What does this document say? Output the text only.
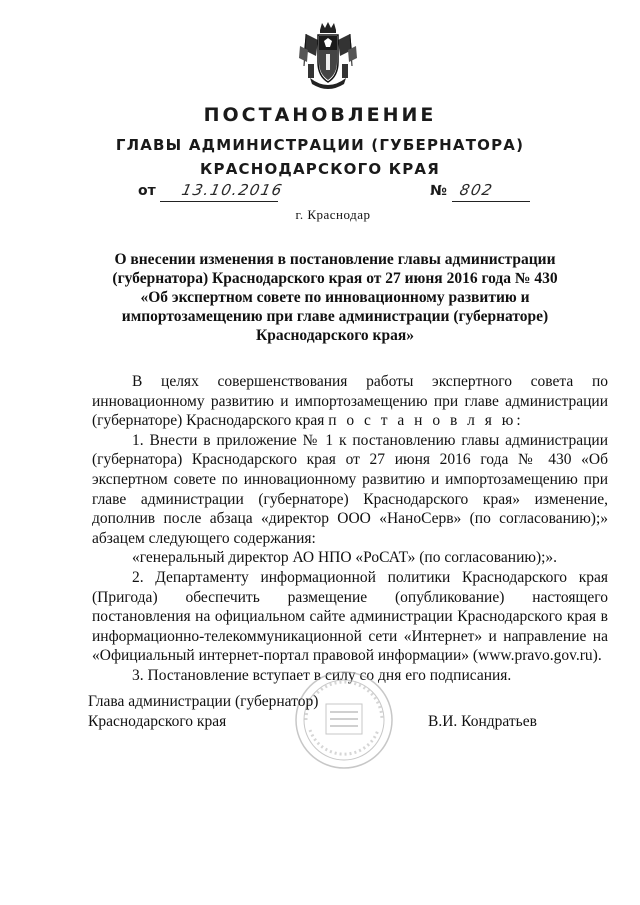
ПОСТАНОВЛЕНИЕ
ГЛАВЫ АДМИНИСТРАЦИИ (ГУБЕРНАТОРА)
КРАСНОДАРСКОГО КРАЯ
от 13.10.2016	№ 802
г. Краснодар
О внесении изменения в постановление главы администрации
(губернатора) Краснодарского края от 27 июня 2016 года № 430
«Об экспертном совете по инновационному развитию и
импортозамещению при главе администрации (губернаторе)
Краснодарского края»

В целях совершенствования работы экспертного совета по инновационному развитию и импортозамещению при главе администрации (губернаторе) Краснодарского края п о с т а н о в л я ю:

1. Внести в приложение № 1 к постановлению главы администрации (губернатора) Краснодарского края от 27 июня 2016 года № 430 «Об экспертном совете по инновационному развитию и импортозамещению при главе администрации (губернаторе) Краснодарского края» изменение, дополнив после абзаца «директор ООО «НаноСерв» (по согласованию);» абзацем следующего содержания:

«генеральный директор АО НПО «РоСАТ» (по согласованию);».

2. Департаменту информационной политики Краснодарского края (Пригода) обеспечить размещение (опубликование) настоящего постановления на официальном сайте администрации Краснодарского края в информационно-телекоммуникационной сети «Интернет» и направление на «Официальный интернет-портал правовой информации» (www.pravo.gov.ru).

3. Постановление вступает в силу со дня его подписания.

Глава администрации (губернатор)
Краснодарского края	В.И. Кондратьев
